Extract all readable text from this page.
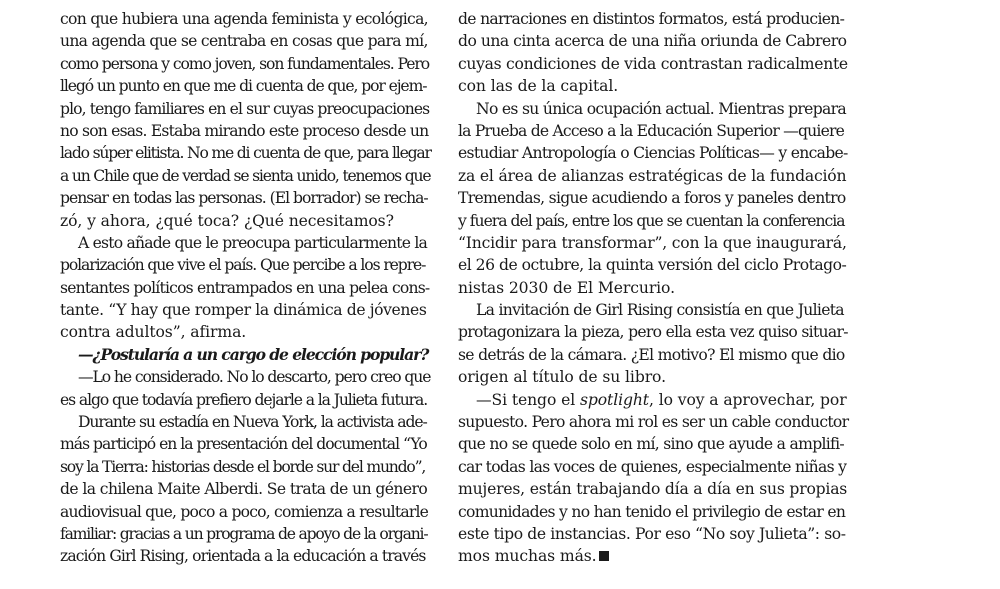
con que hubiera una agenda feminista y ecológica,
una agenda que se centraba en cosas que para mí,
como persona y como joven, son fundamentales. Pero
llegó un punto en que me di cuenta de que, por ejem-
plo, tengo familiares en el sur cuyas preocupaciones
no son esas. Estaba mirando este proceso desde un
lado súper elitista. No me di cuenta de que, para llegar
a un Chile que de verdad se sienta unido, tenemos que
pensar en todas las personas. (El borrador) se recha-
zó, y ahora, ¿qué toca? ¿Qué necesitamos?
A esto añade que le preocupa particularmente la
polarización que vive el país. Que percibe a los repre-
sentantes políticos entrampados en una pelea cons-
tante. “Y hay que romper la dinámica de jóvenes
contra adultos”, afirma.
—¿Postularía a un cargo de elección popular?
—Lo he considerado. No lo descarto, pero creo que
es algo que todavía prefiero dejarle a la Julieta futura.
Durante su estadía en Nueva York, la activista ade-
más participó en la presentación del documental “Yo
soy la Tierra: historias desde el borde sur del mundo”,
de la chilena Maite Alberdi. Se trata de un género
audiovisual que, poco a poco, comienza a resultarle
familiar: gracias a un programa de apoyo de la organi-
zación Girl Rising, orientada a la educación a través
de narraciones en distintos formatos, está producien-
do una cinta acerca de una niña oriunda de Cabrero
cuyas condiciones de vida contrastan radicalmente
con las de la capital.
No es su única ocupación actual. Mientras prepara
la Prueba de Acceso a la Educación Superior —quiere
estudiar Antropología o Ciencias Políticas— y encabe-
za el área de alianzas estratégicas de la fundación
Tremendas, sigue acudiendo a foros y paneles dentro
y fuera del país, entre los que se cuentan la conferencia
“Incidir para transformar”, con la que inaugurará,
el 26 de octubre, la quinta versión del ciclo Protago-
nistas 2030 de El Mercurio.
La invitación de Girl Rising consistía en que Julieta
protagonizara la pieza, pero ella esta vez quiso situar-
se detrás de la cámara. ¿El motivo? El mismo que dio
origen al título de su libro.
—Si tengo el spotlight, lo voy a aprovechar, por
supuesto. Pero ahora mi rol es ser un cable conductor
que no se quede solo en mí, sino que ayude a amplifi-
car todas las voces de quienes, especialmente niñas y
mujeres, están trabajando día a día en sus propias
comunidades y no han tenido el privilegio de estar en
este tipo de instancias. Por eso “No soy Julieta”: so-
mos muchas más.
